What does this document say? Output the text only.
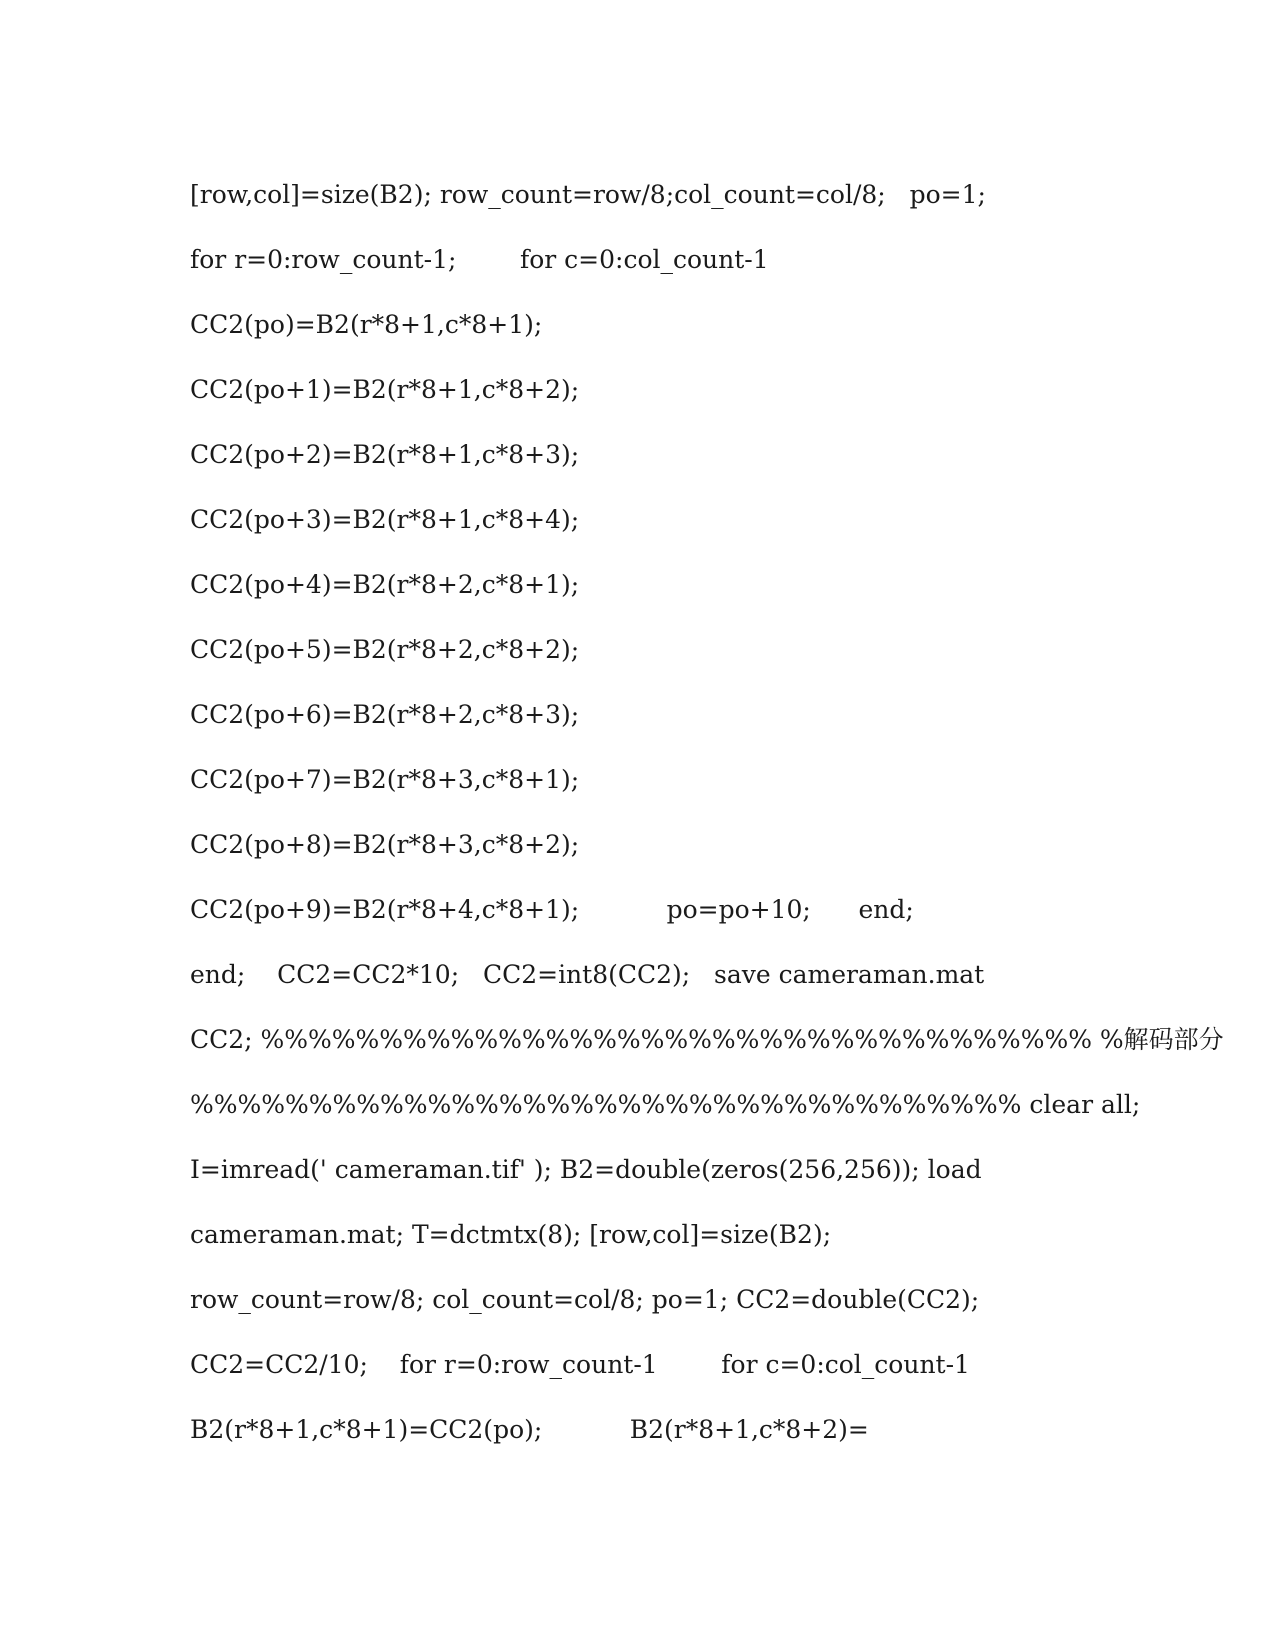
[row,col]=size(B2); row_count=row/8;col_count=col/8;   po=1;
for r=0:row_count-1;        for c=0:col_count-1
CC2(po)=B2(r*8+1,c*8+1);
CC2(po+1)=B2(r*8+1,c*8+2);
CC2(po+2)=B2(r*8+1,c*8+3);
CC2(po+3)=B2(r*8+1,c*8+4);
CC2(po+4)=B2(r*8+2,c*8+1);
CC2(po+5)=B2(r*8+2,c*8+2);
CC2(po+6)=B2(r*8+2,c*8+3);
CC2(po+7)=B2(r*8+3,c*8+1);
CC2(po+8)=B2(r*8+3,c*8+2);
CC2(po+9)=B2(r*8+4,c*8+1);           po=po+10;      end;
end;    CC2=CC2*10;   CC2=int8(CC2);   save cameraman.mat
CC2; %%%%%%%%%%%%%%%%%%%%%%%%%%%%%%%%%%% %解码部分
%%%%%%%%%%%%%%%%%%%%%%%%%%%%%%%%%%% clear all;
I=imread(' cameraman.tif' ); B2=double(zeros(256,256)); load
cameraman.mat; T=dctmtx(8); [row,col]=size(B2);
row_count=row/8; col_count=col/8; po=1; CC2=double(CC2);
CC2=CC2/10;    for r=0:row_count-1        for c=0:col_count-1
B2(r*8+1,c*8+1)=CC2(po);           B2(r*8+1,c*8+2)=
